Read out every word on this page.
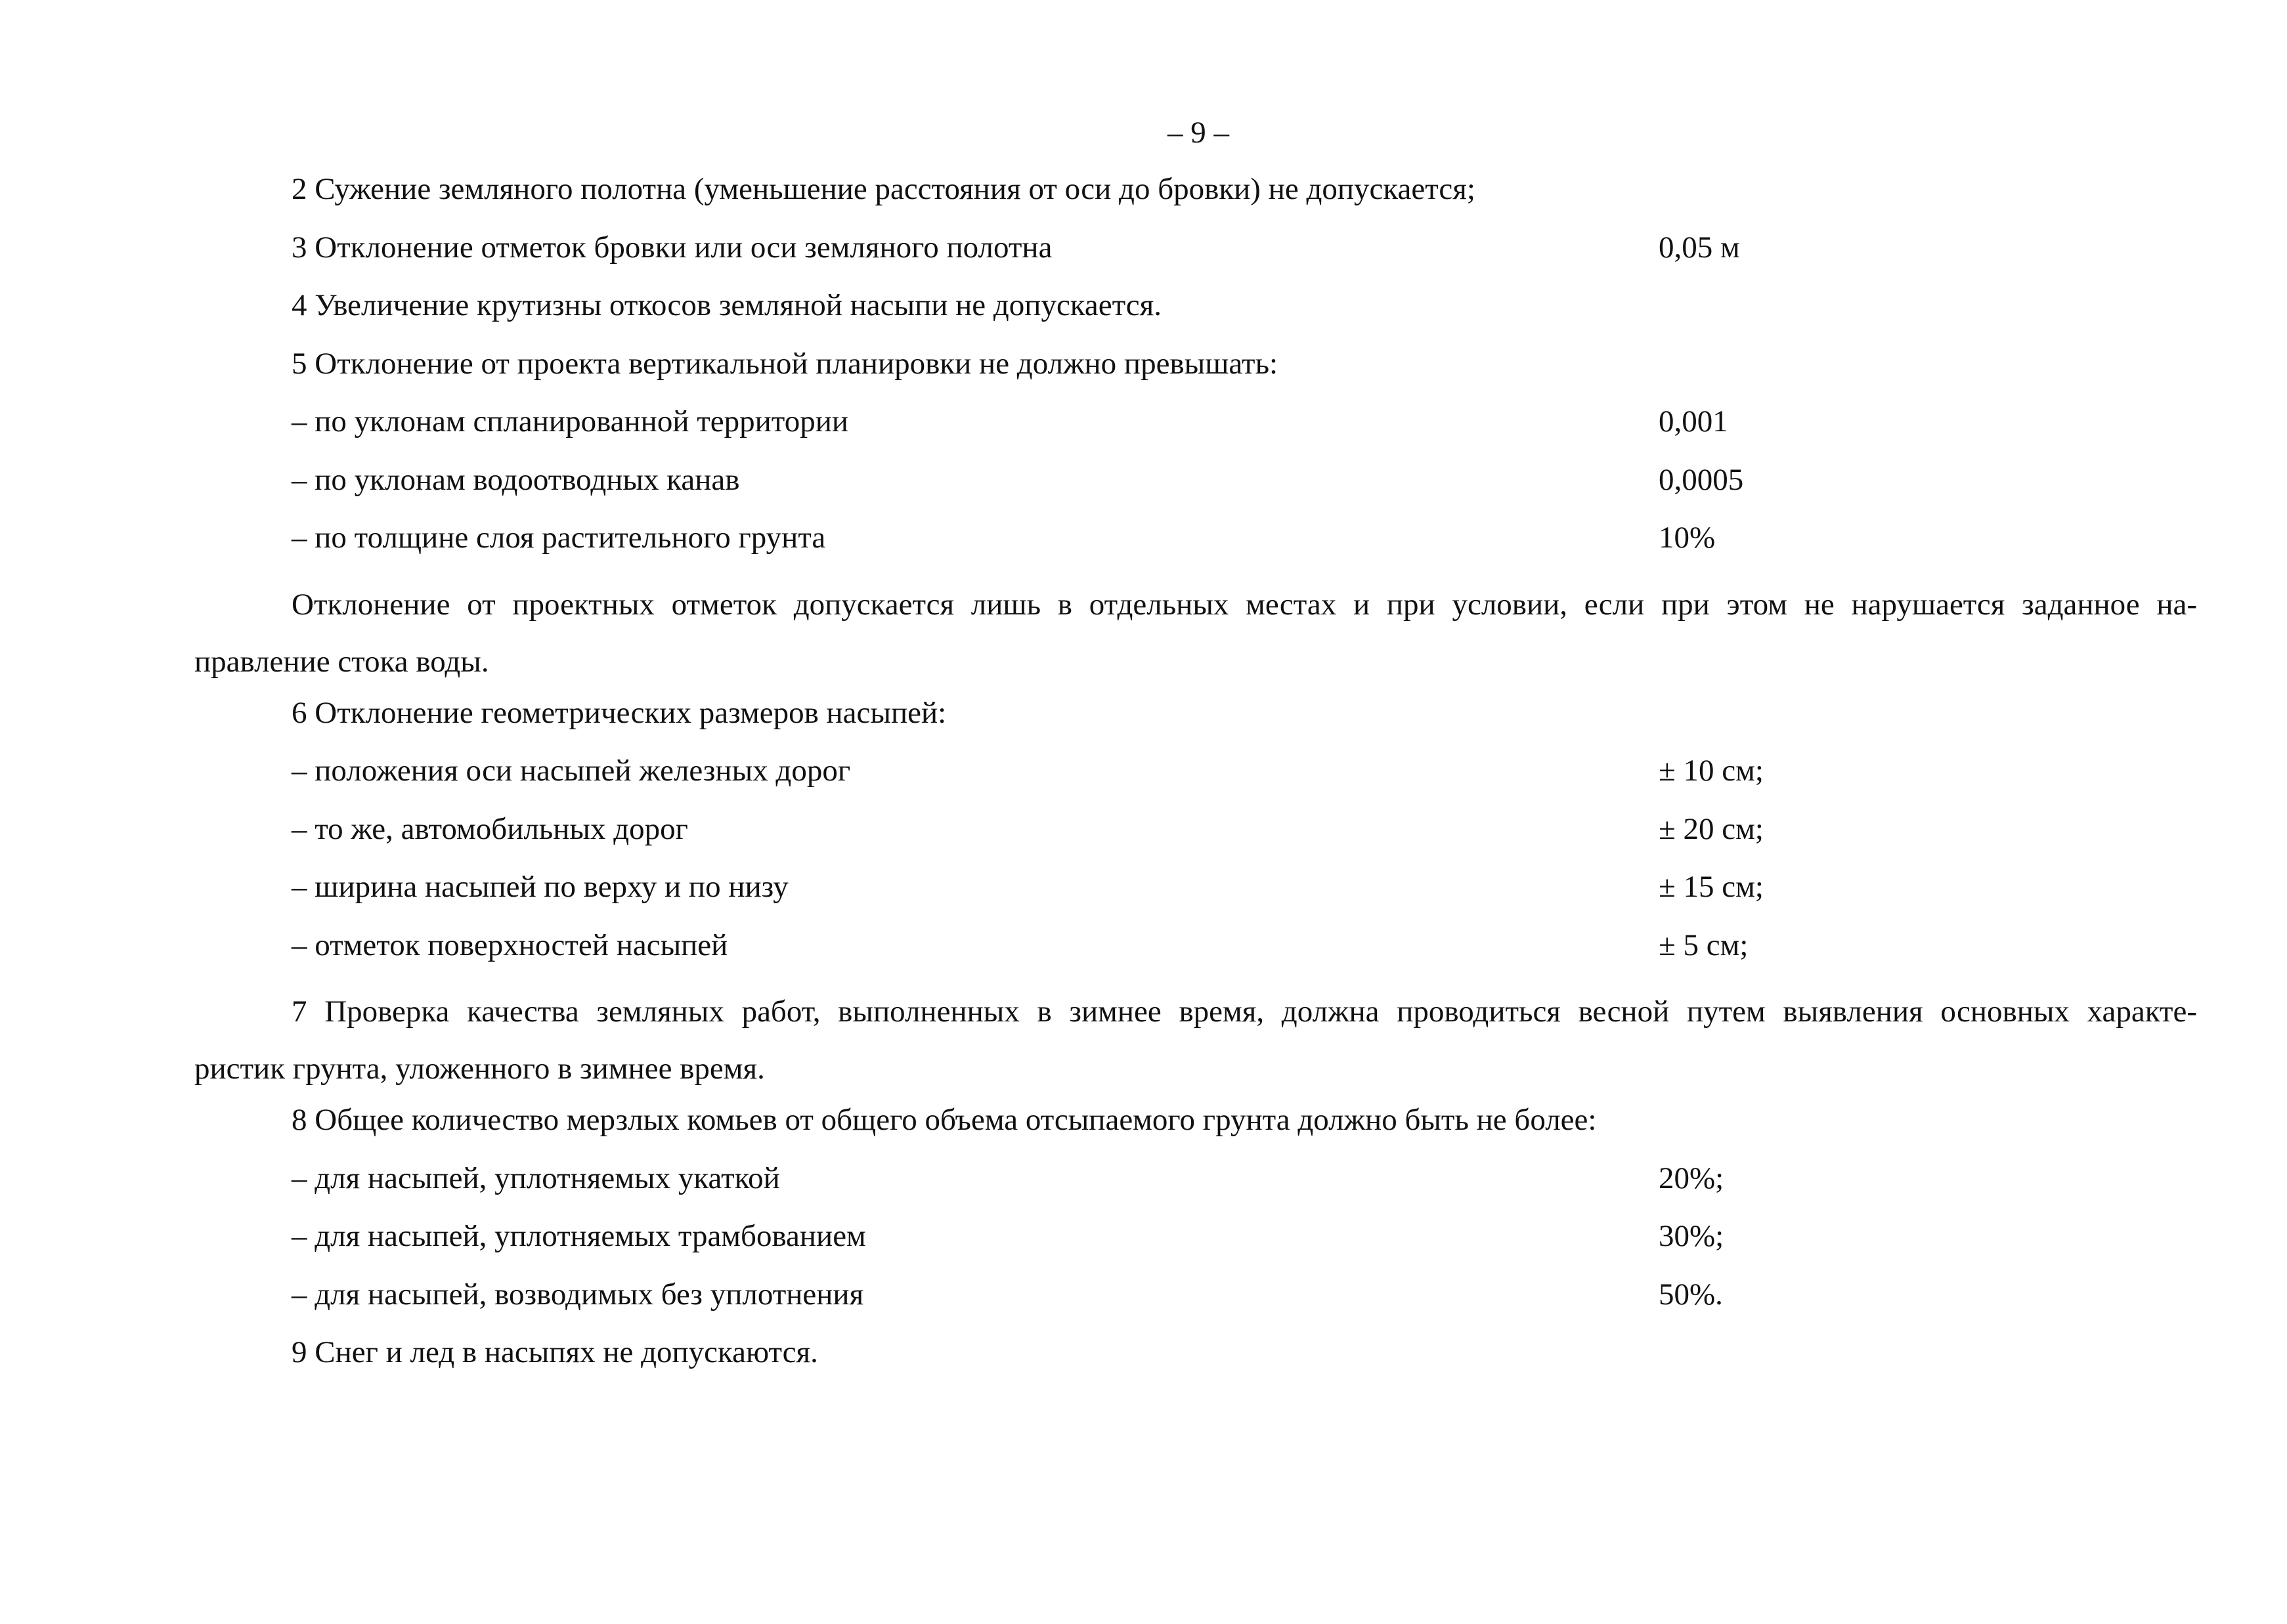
– 9 –
2 Сужение земляного полотна (уменьшение расстояния от оси до бровки) не допускается;
3 Отклонение отметок бровки или оси земляного полотна	0,05 м
4 Увеличение крутизны откосов земляной насыпи не допускается.
5 Отклонение от проекта вертикальной планировки не должно превышать:
– по уклонам спланированной территории	0,001
– по уклонам водоотводных канав	0,0005
– по толщине слоя растительного грунта	10%
Отклонение от проектных отметок допускается лишь в отдельных местах и при условии, если при этом не нарушается заданное на-
правление стока воды.
6 Отклонение геометрических размеров насыпей:
– положения оси насыпей железных дорог	± 10 см;
– то же, автомобильных дорог	± 20 см;
– ширина насыпей по верху и по низу	± 15 см;
– отметок поверхностей насыпей	± 5 см;
7 Проверка качества земляных работ, выполненных в зимнее время, должна проводиться весной путем выявления основных характе-
ристик грунта, уложенного в зимнее время.
8 Общее количество мерзлых комьев от общего объема отсыпаемого грунта должно быть не более:
– для насыпей, уплотняемых укаткой	20%;
– для насыпей, уплотняемых трамбованием	30%;
– для насыпей, возводимых без уплотнения	50%.
9 Снег и лед в насыпях не допускаются.
